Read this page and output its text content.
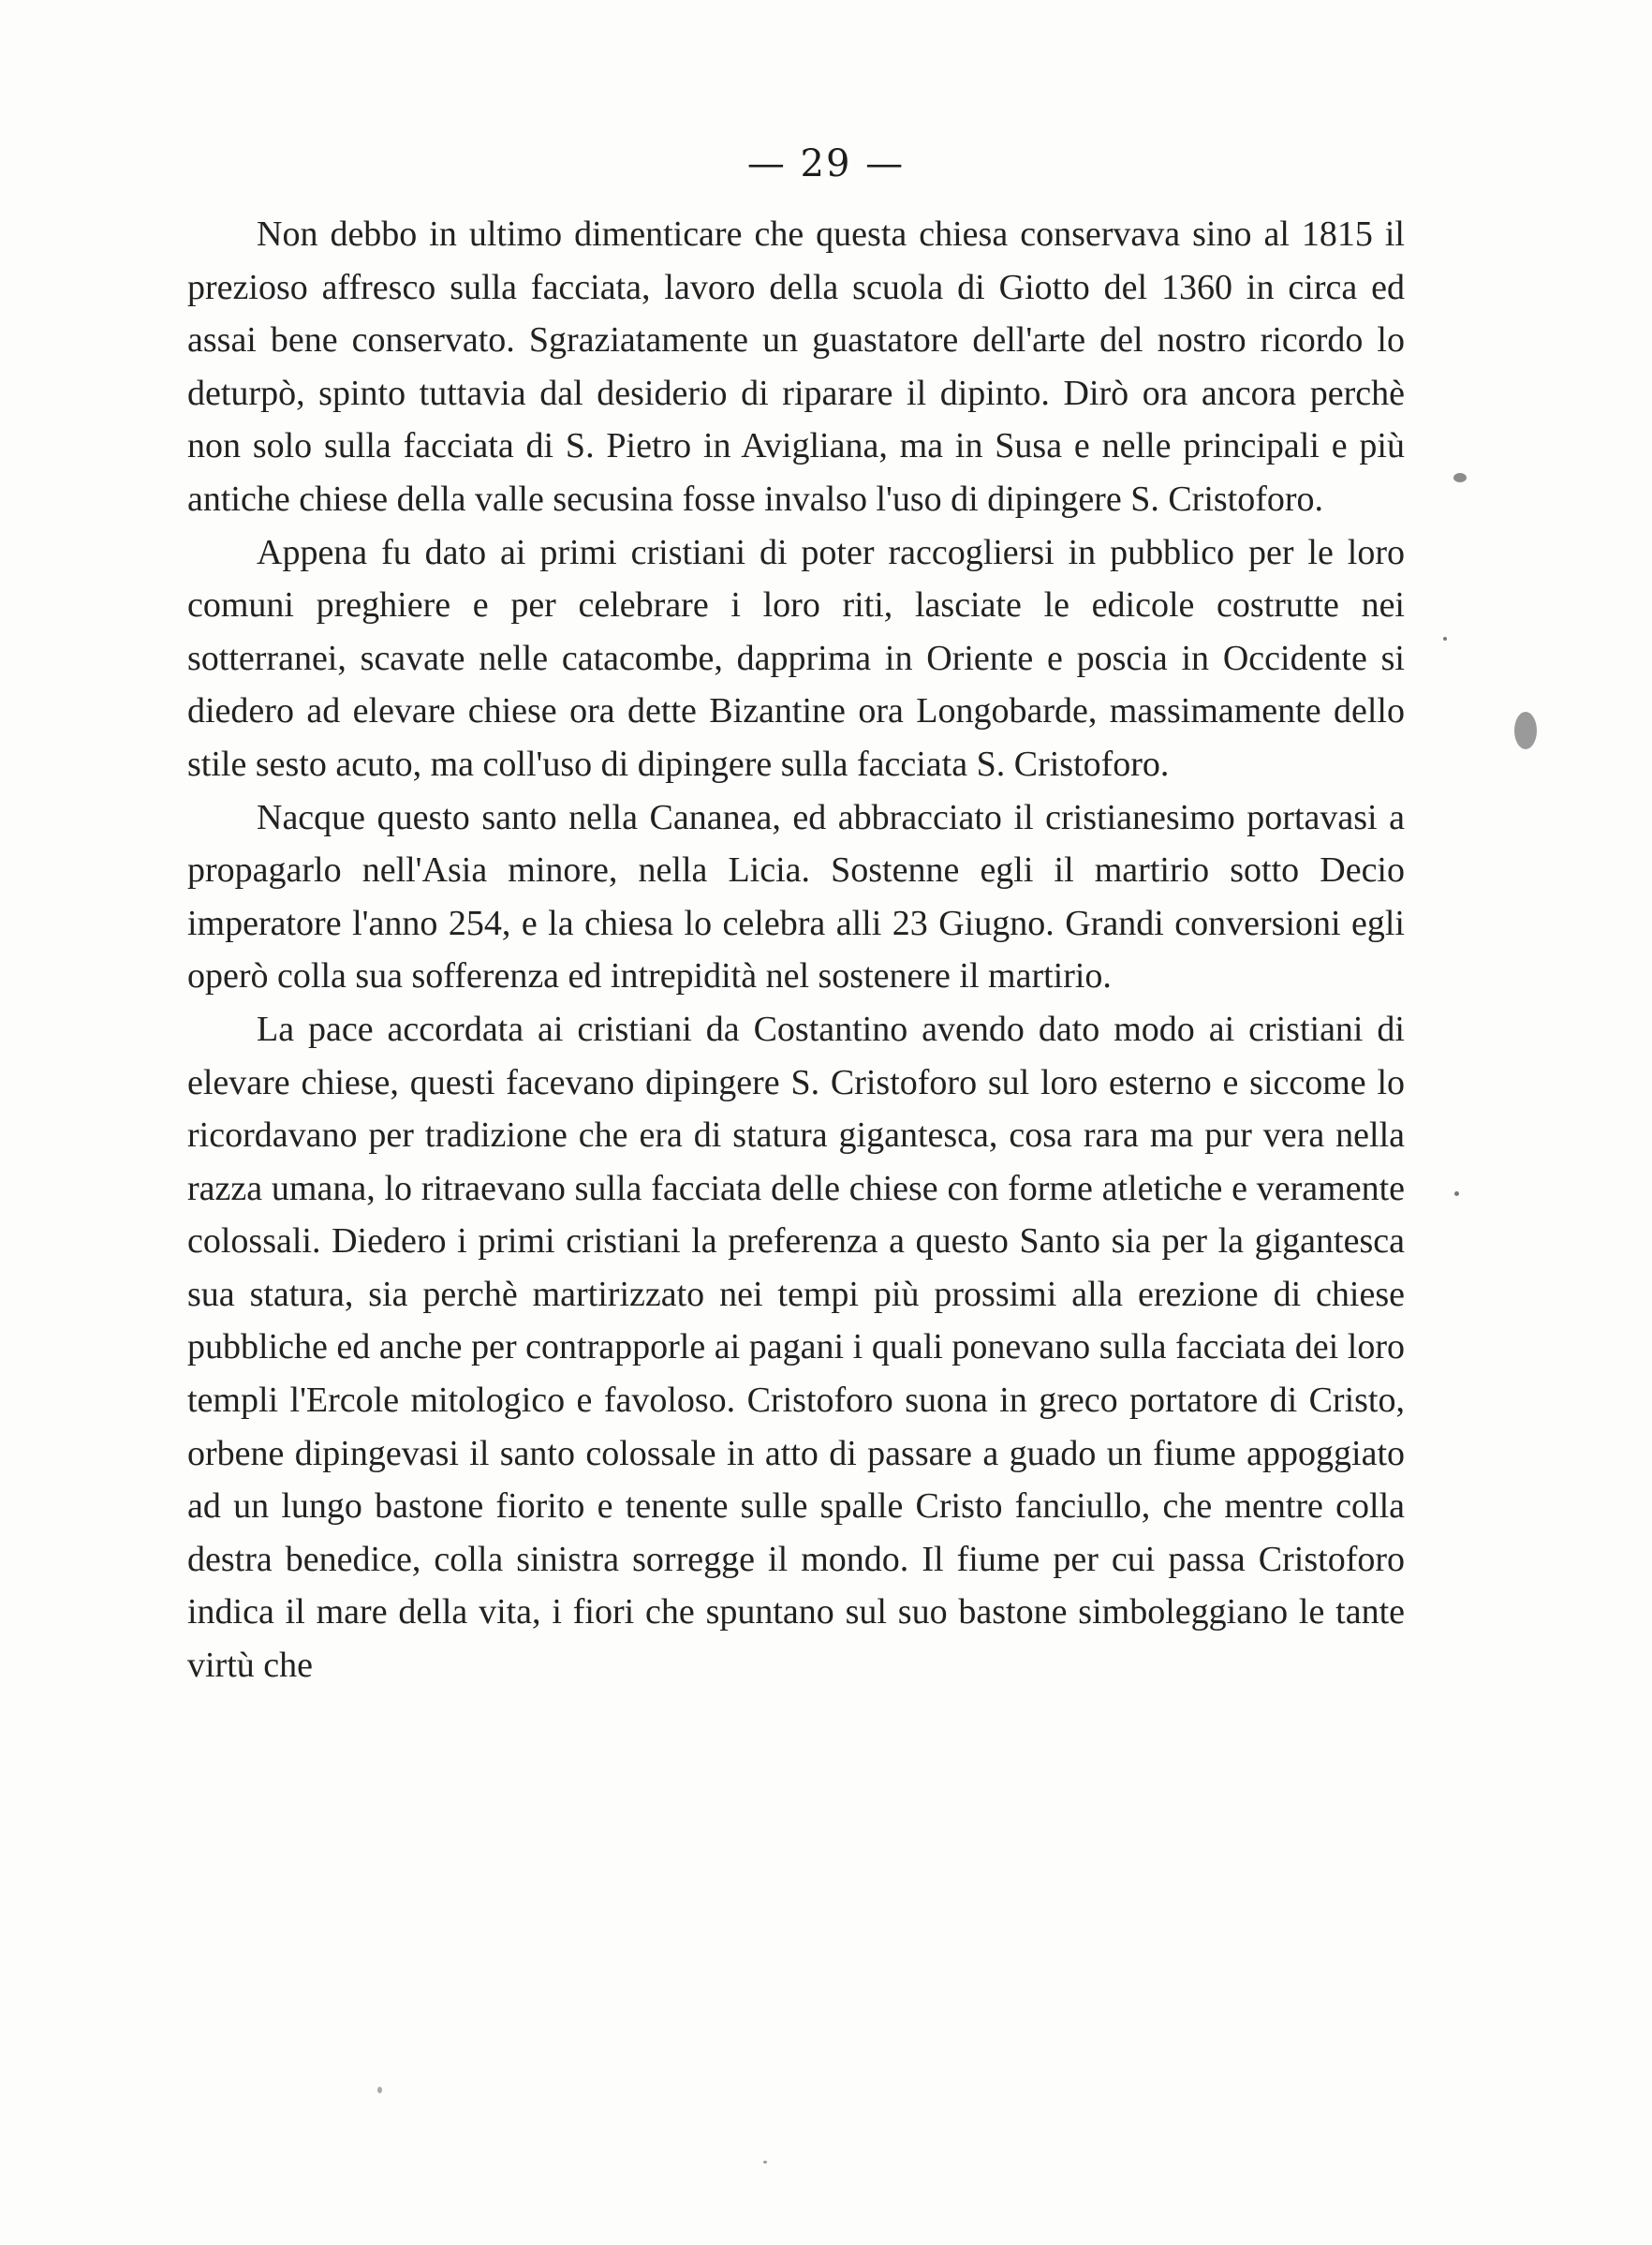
— 29 —

Non debbo in ultimo dimenticare che questa chiesa conservava sino al 1815 il prezioso affresco sulla facciata, lavoro della scuola di Giotto del 1360 in circa ed assai bene conservato. Sgraziatamente un guastatore dell'arte del nostro ricordo lo deturpò, spinto tuttavia dal desiderio di riparare il dipinto. Dirò ora ancora perchè non solo sulla facciata di S. Pietro in Avigliana, ma in Susa e nelle principali e più antiche chiese della valle secusina fosse invalso l'uso di dipingere S. Cristoforo.

Appena fu dato ai primi cristiani di poter raccogliersi in pubblico per le loro comuni preghiere e per celebrare i loro riti, lasciate le edicole costrutte nei sotterranei, scavate nelle catacombe, dapprima in Oriente e poscia in Occidente si diedero ad elevare chiese ora dette Bizantine ora Longobarde, massimamente dello stile sesto acuto, ma coll'uso di dipingere sulla facciata S. Cristoforo.

Nacque questo santo nella Cananea, ed abbracciato il cristianesimo portavasi a propagarlo nell'Asia minore, nella Licia. Sostenne egli il martirio sotto Decio imperatore l'anno 254, e la chiesa lo celebra alli 23 Giugno. Grandi conversioni egli operò colla sua sofferenza ed intrepidità nel sostenere il martirio.

La pace accordata ai cristiani da Costantino avendo dato modo ai cristiani di elevare chiese, questi facevano dipingere S. Cristoforo sul loro esterno e siccome lo ricordavano per tradizione che era di statura gigantesca, cosa rara ma pur vera nella razza umana, lo ritraevano sulla facciata delle chiese con forme atletiche e veramente colossali. Diedero i primi cristiani la preferenza a questo Santo sia per la gigantesca sua statura, sia perchè martirizzato nei tempi più prossimi alla erezione di chiese pubbliche ed anche per contrapporle ai pagani i quali ponevano sulla facciata dei loro templi l'Ercole mitologico e favoloso. Cristoforo suona in greco portatore di Cristo, orbene dipingevasi il santo colossale in atto di passare a guado un fiume appoggiato ad un lungo bastone fiorito e tenente sulle spalle Cristo fanciullo, che mentre colla destra benedice, colla sinistra sorregge il mondo. Il fiume per cui passa Cristoforo indica il mare della vita, i fiori che spuntano sul suo bastone simboleggiano le tante virtù che
